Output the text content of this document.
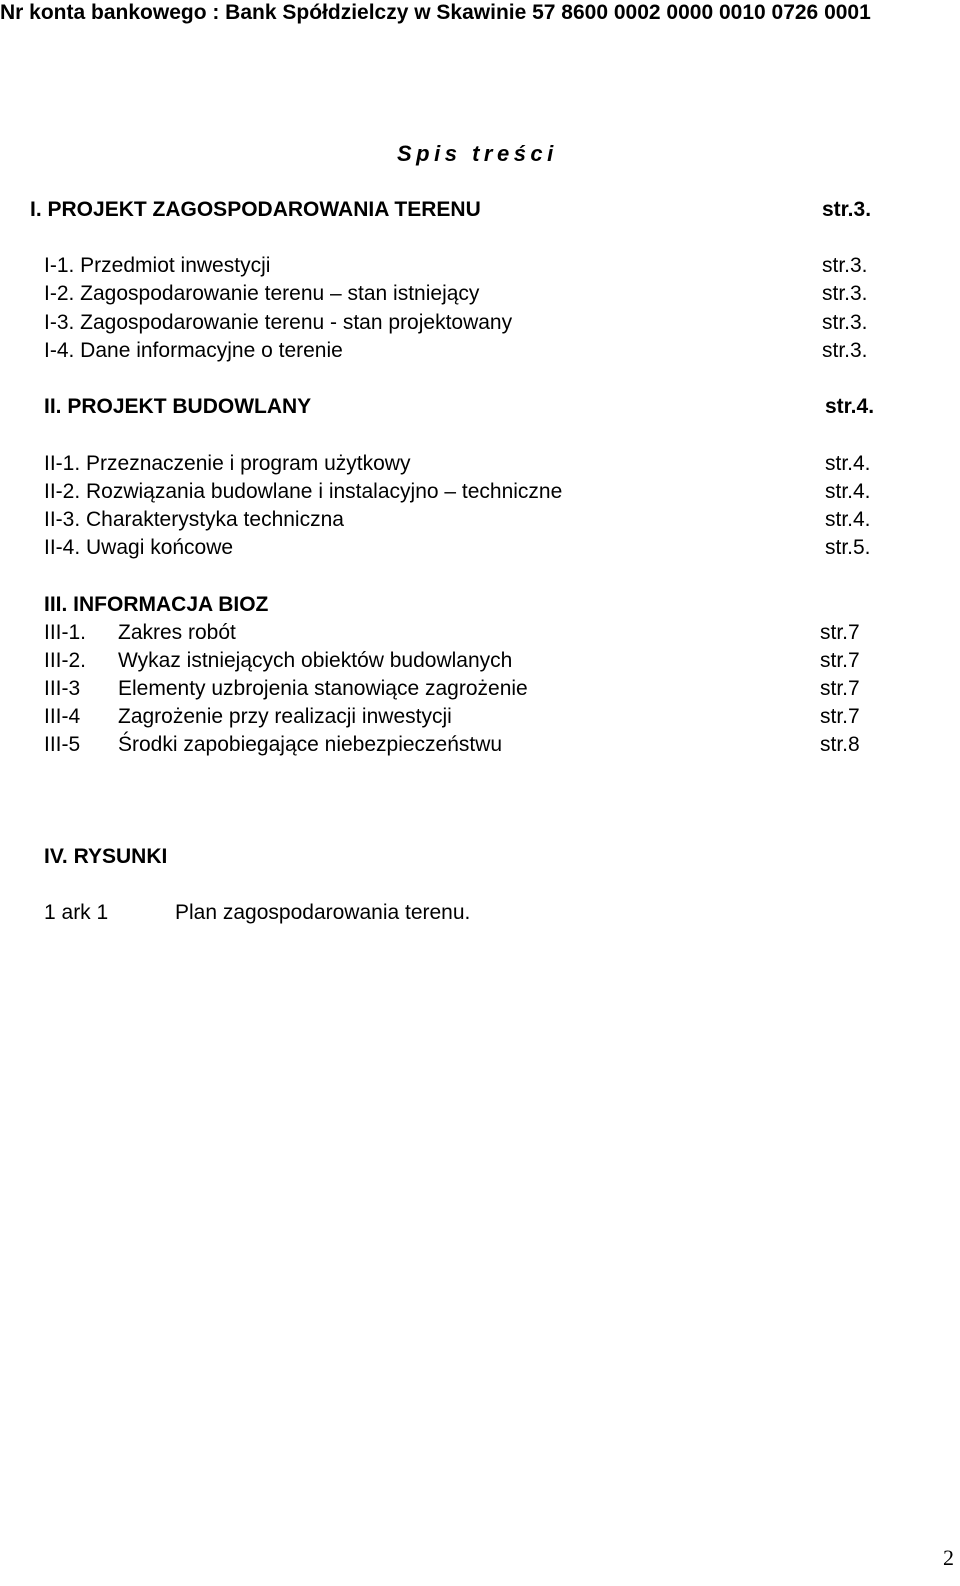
Nr konta bankowego : Bank Spółdzielczy w Skawinie 57 8600 0002 0000 0010 0726 0001
Spis treści
I. PROJEKT ZAGOSPODAROWANIA TERENU	str.3.
I-1. Przedmiot inwestycji	str.3.
I-2. Zagospodarowanie terenu – stan istniejący	str.3.
I-3. Zagospodarowanie terenu - stan projektowany	str.3.
I-4. Dane informacyjne o terenie	str.3.
II. PROJEKT BUDOWLANY	str.4.
II-1. Przeznaczenie i program użytkowy	str.4.
II-2. Rozwiązania budowlane i instalacyjno – techniczne	str.4.
II-3. Charakterystyka techniczna	str.4.
II-4. Uwagi końcowe	str.5.
III. INFORMACJA BIOZ
III-1. Zakres robót	str.7
III-2. Wykaz istniejących obiektów budowlanych	str.7
III-3 Elementy uzbrojenia stanowiące zagrożenie	str.7
III-4 Zagrożenie przy realizacji inwestycji	str.7
III-5 Środki zapobiegające niebezpieczeństwu	str.8
IV. RYSUNKI
1 ark 1	Plan zagospodarowania terenu.
2
